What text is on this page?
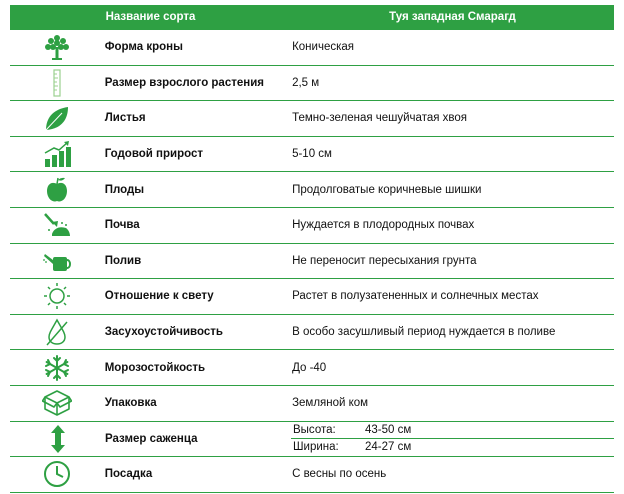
Название сорта	Туя западная Смарагд
Форма кроны	Коническая
Размер взрослого растения	2,5 м
Листья	Темно-зеленая чешуйчатая хвоя
Годовой прирост	5-10 см
Плоды	Продолговатые коричневые шишки
Почва	Нуждается в плодородных почвах
Полив	Не переносит пересыхания грунта
Отношение к свету	Растет в полузатененных и солнечных местах
Засухоустойчивость	В особо засушливый период нуждается в поливе
Морозостойкость	До -40
Упаковка	Земляной ком
Размер саженца
Высота:	43-50 см
Ширина:	24-27 см
Посадка	С весны по осень
